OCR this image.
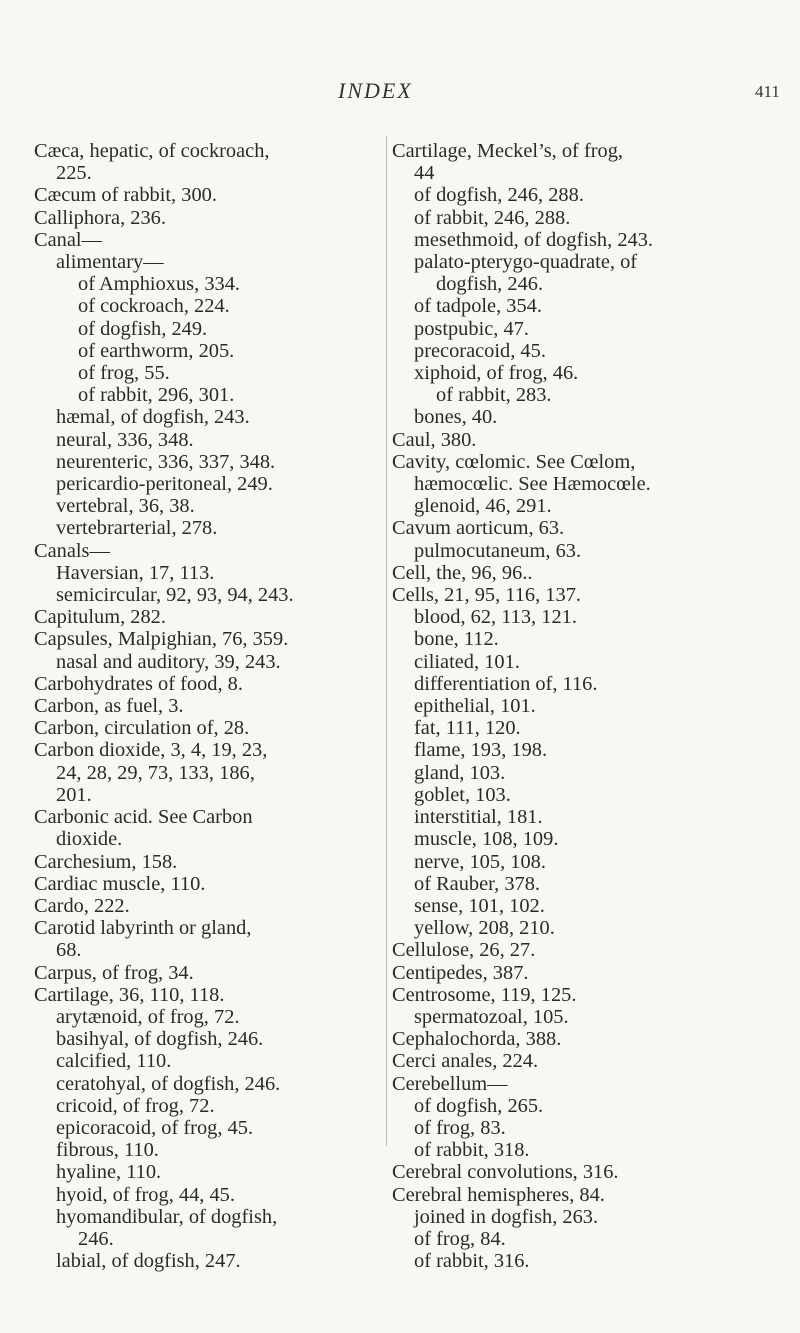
INDEX	411
Cæca, hepatic, of cockroach,
225.
Cæcum of rabbit, 300.
Calliphora, 236.
Canal—
alimentary—
of Amphioxus, 334.
of cockroach, 224.
of dogfish, 249.
of earthworm, 205.
of frog, 55.
of rabbit, 296, 301.
hæmal, of dogfish, 243.
neural, 336, 348.
neurenteric, 336, 337, 348.
pericardio-peritoneal, 249.
vertebral, 36, 38.
vertebrarterial, 278.
Canals—
Haversian, 17, 113.
semicircular, 92, 93, 94, 243.
Capitulum, 282.
Capsules, Malpighian, 76, 359.
nasal and auditory, 39, 243.
Carbohydrates of food, 8.
Carbon, as fuel, 3.
Carbon, circulation of, 28.
Carbon dioxide, 3, 4, 19, 23,
24, 28, 29, 73, 133, 186,
201.
Carbonic acid. See Carbon
dioxide.
Carchesium, 158.
Cardiac muscle, 110.
Cardo, 222.
Carotid labyrinth or gland,
68.
Carpus, of frog, 34.
Cartilage, 36, 110, 118.
arytænoid, of frog, 72.
basihyal, of dogfish, 246.
calcified, 110.
ceratohyal, of dogfish, 246.
cricoid, of frog, 72.
epicoracoid, of frog, 45.
fibrous, 110.
hyaline, 110.
hyoid, of frog, 44, 45.
hyomandibular, of dogfish,
246.
labial, of dogfish, 247.
Cartilage, Meckel’s, of frog,
44
of dogfish, 246, 288.
of rabbit, 246, 288.
mesethmoid, of dogfish, 243.
palato-pterygo-quadrate, of
dogfish, 246.
of tadpole, 354.
postpubic, 47.
precoracoid, 45.
xiphoid, of frog, 46.
of rabbit, 283.
bones, 40.
Caul, 380.
Cavity, cœlomic. See Cœlom,
hæmocœlic. See Hæmocœle.
glenoid, 46, 291.
Cavum aorticum, 63.
pulmocutaneum, 63.
Cell, the, 96, 96..
Cells, 21, 95, 116, 137.
blood, 62, 113, 121.
bone, 112.
ciliated, 101.
differentiation of, 116.
epithelial, 101.
fat, 111, 120.
flame, 193, 198.
gland, 103.
goblet, 103.
interstitial, 181.
muscle, 108, 109.
nerve, 105, 108.
of Rauber, 378.
sense, 101, 102.
yellow, 208, 210.
Cellulose, 26, 27.
Centipedes, 387.
Centrosome, 119, 125.
spermatozoal, 105.
Cephalochorda, 388.
Cerci anales, 224.
Cerebellum—
of dogfish, 265.
of frog, 83.
of rabbit, 318.
Cerebral convolutions, 316.
Cerebral hemispheres, 84.
joined in dogfish, 263.
of frog, 84.
of rabbit, 316.
